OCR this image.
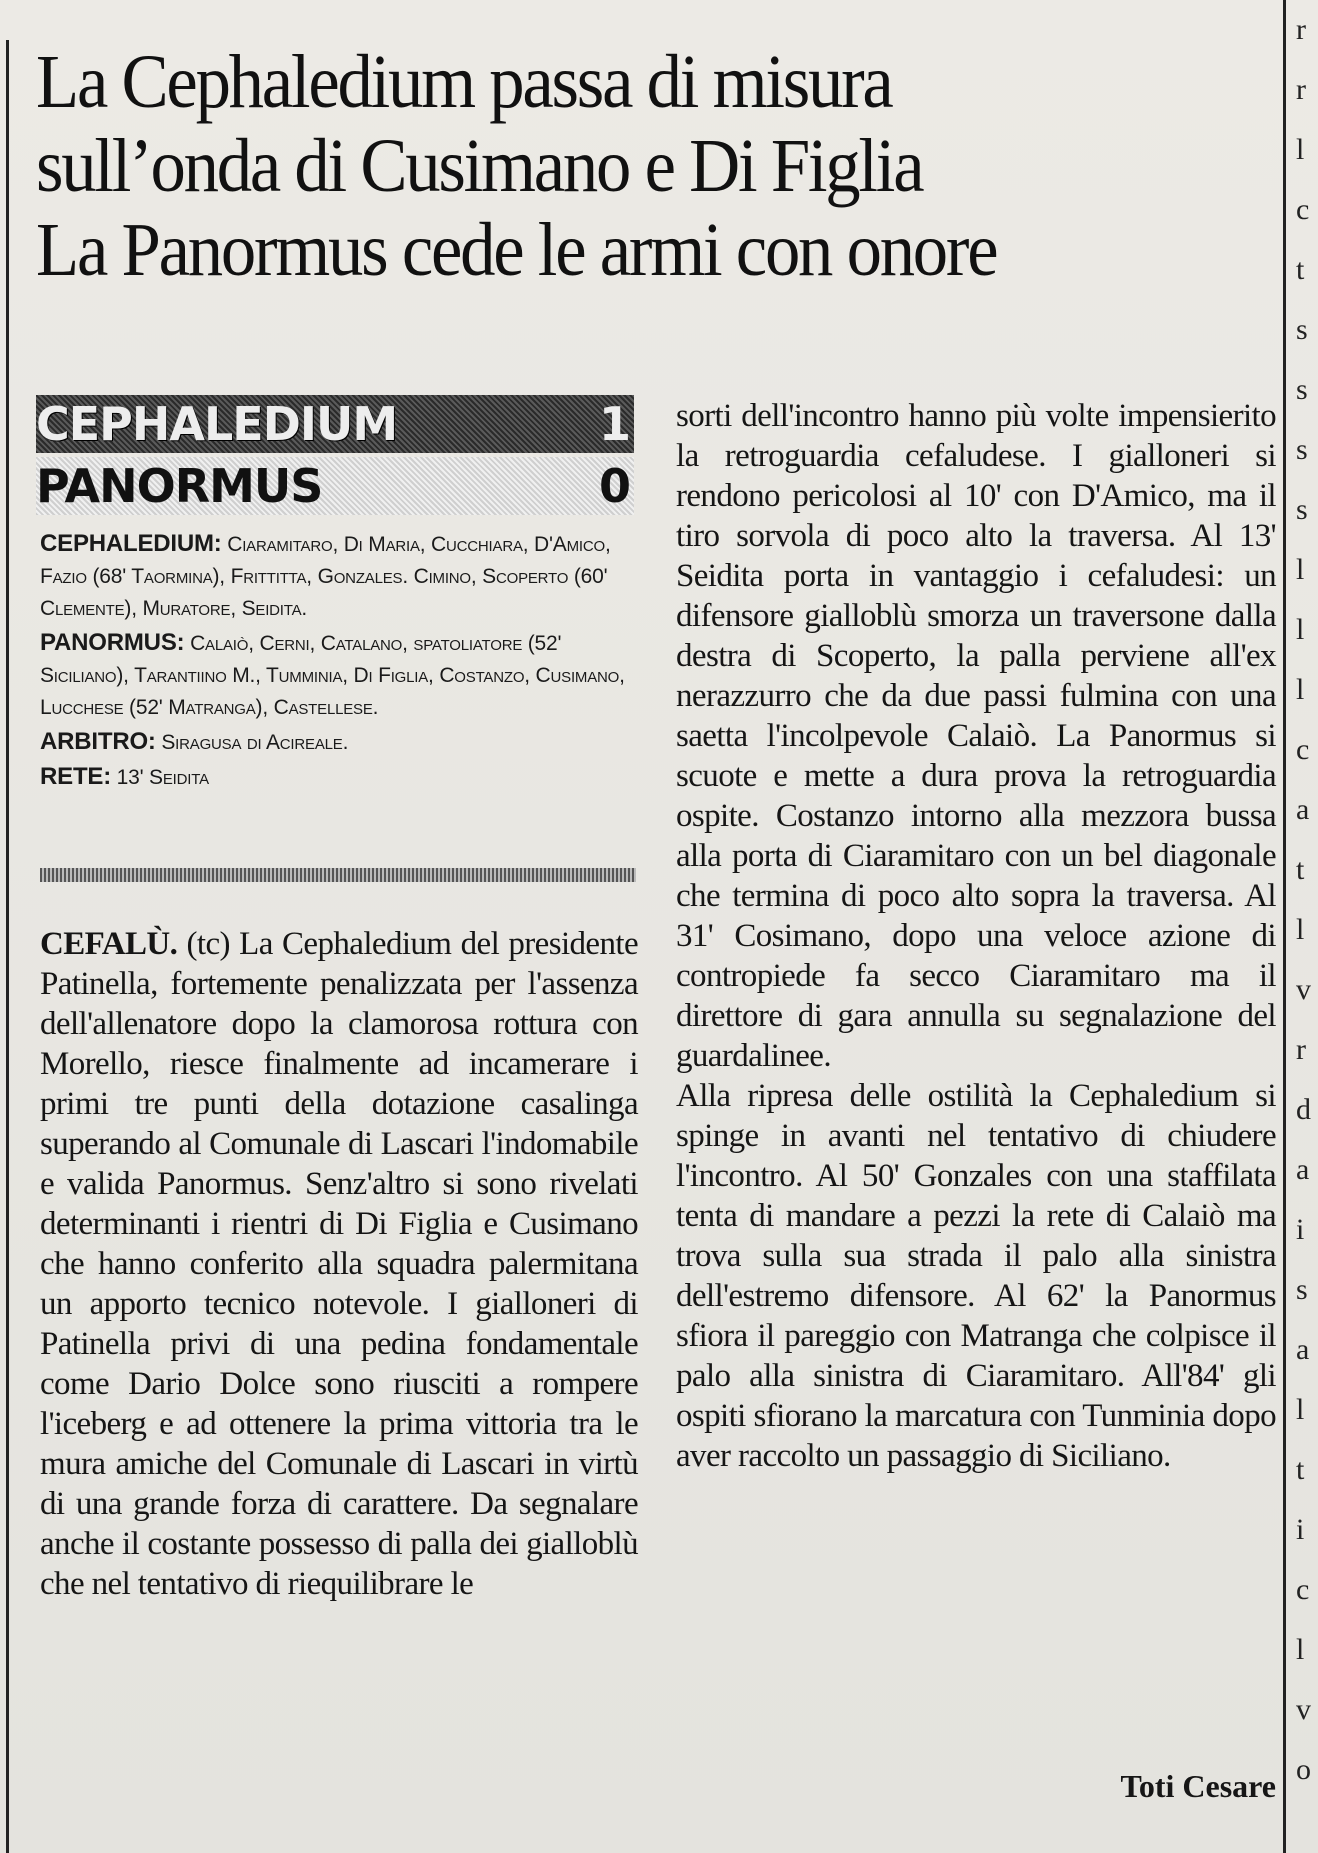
r
r
l
c
t
s
s
s
s
l
l
l
c
a
t
l
v
r
d
a
i
s
a
l
t
i
c
l
v
o
La Cephaledium passa di misura
sull’onda di Cusimano e Di Figlia
La Panormus cede le armi con onore
CEPHALEDIUM	1
PANORMUS	0

CEPHALEDIUM: Ciaramitaro, Di Maria, Cucchiara, D'Amico, Fazio (68' Taormina), Frittitta, Gonzales. Cimino, Scoperto (60' Clemente), Muratore, Seidita.

PANORMUS: Calaiò, Cerni, Catalano, spatoliatore (52' Siciliano), Tarantiino M., Tumminia, Di Figlia, Costanzo, Cusimano, Lucchese (52' Matranga), Castellese.

ARBITRO: Siragusa di Acireale.

RETE: 13' Seidita

CEFALÙ. (tc) La Cephaledium del presidente Patinella, fortemente penalizzata per l'assenza dell'allenatore dopo la clamorosa rottura con Morello, riesce finalmente ad incamerare i primi tre punti della dotazione casalinga superando al Comunale di Lascari l'indomabile e valida Panormus. Senz'altro si sono rivelati determinanti i rientri di Di Figlia e Cusimano che hanno conferito alla squadra palermitana un apporto tecnico notevole. I gialloneri di Patinella privi di una pedina fondamentale come Dario Dolce sono riusciti a rompere l'iceberg e ad ottenere la prima vittoria tra le mura amiche del Comunale di Lascari in virtù di una grande forza di carattere. Da segnalare anche il costante possesso di palla dei gialloblù che nel tentativo di riequilibrare le

sorti dell'incontro hanno più volte impensierito la retroguardia cefaludese. I gialloneri si rendono pericolosi al 10' con D'Amico, ma il tiro sorvola di poco alto la traversa. Al 13' Seidita porta in vantaggio i cefaludesi: un difensore gialloblù smorza un traversone dalla destra di Scoperto, la palla perviene all'ex nerazzurro che da due passi fulmina con una saetta l'incolpevole Calaiò. La Panormus si scuote e mette a dura prova la retroguardia ospite. Costanzo intorno alla mezzora bussa alla porta di Ciaramitaro con un bel diagonale che termina di poco alto sopra la traversa. Al 31' Cosimano, dopo una veloce azione di contropiede fa secco Ciaramitaro ma il direttore di gara annulla su segnalazione del guardalinee.

Alla ripresa delle ostilità la Cephaledium si spinge in avanti nel tentativo di chiudere l'incontro. Al 50' Gonzales con una staffilata tenta di mandare a pezzi la rete di Calaiò ma trova sulla sua strada il palo alla sinistra dell'estremo difensore. Al 62' la Panormus sfiora il pareggio con Matranga che colpisce il palo alla sinistra di Ciaramitaro. All'84' gli ospiti sfiorano la marcatura con Tunminia dopo aver raccolto un passaggio di Siciliano.

Toti Cesare
